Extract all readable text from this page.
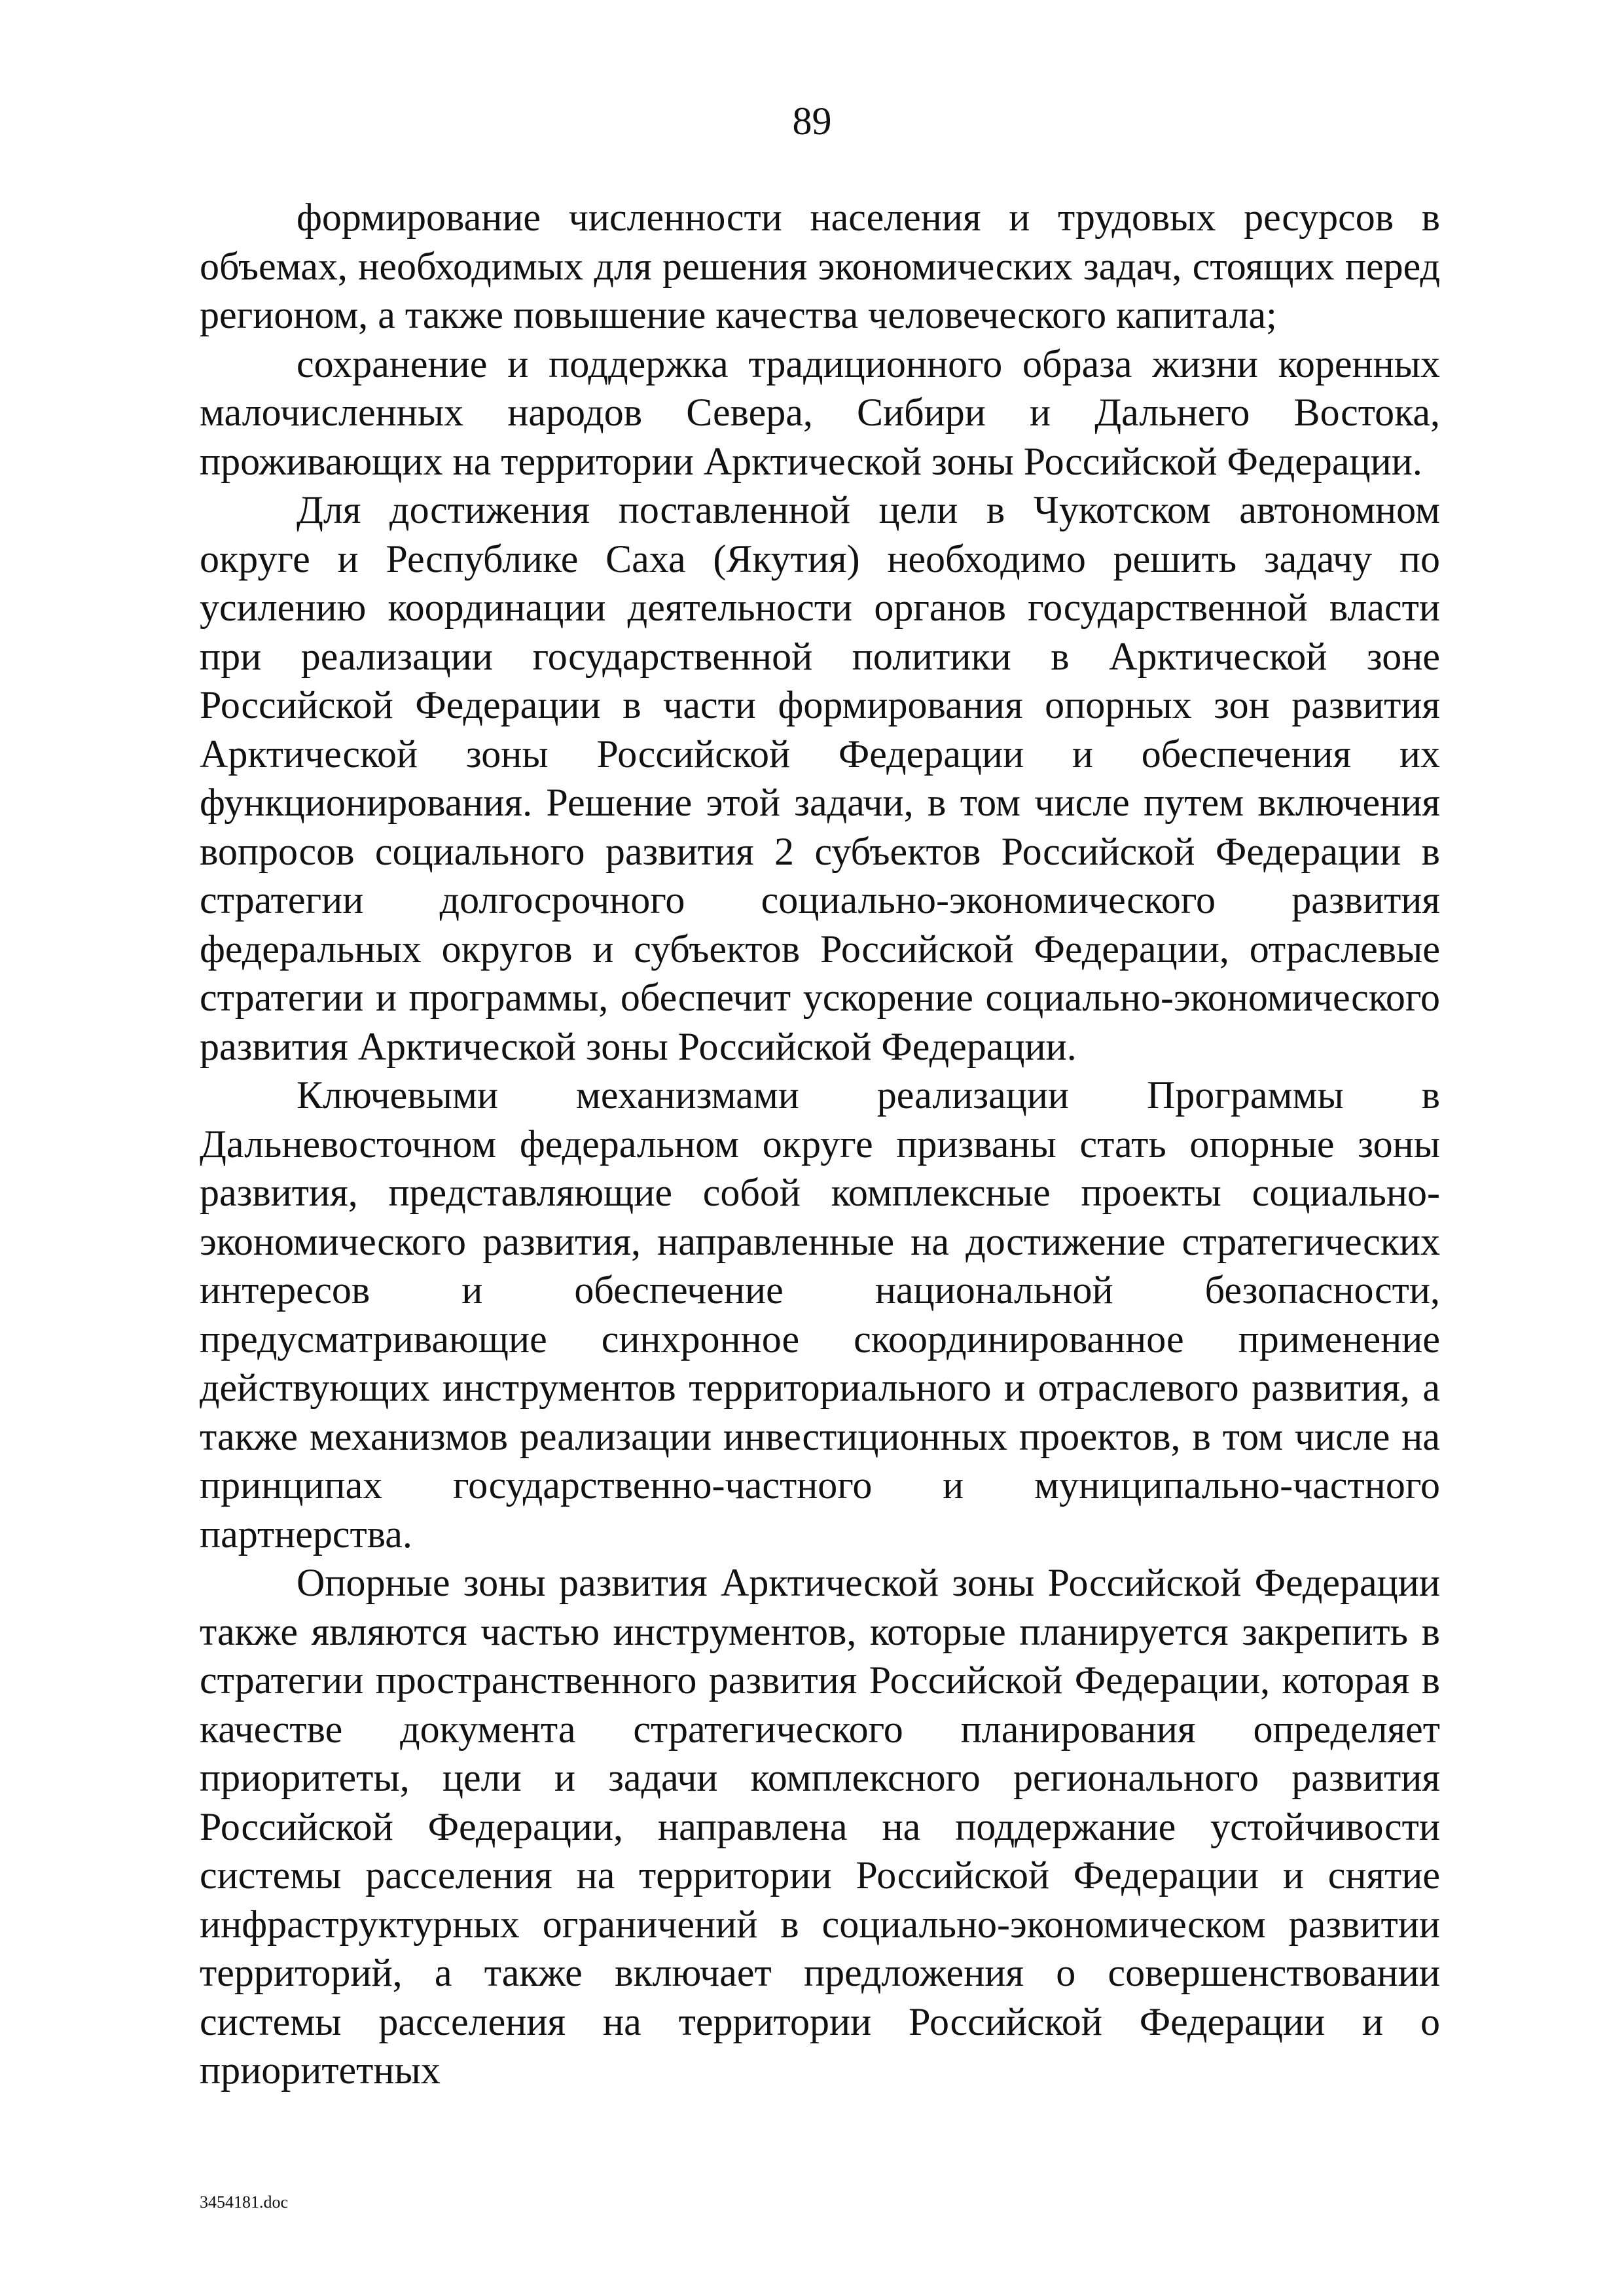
89

формирование численности населения и трудовых ресурсов в объемах, необходимых для решения экономических задач, стоящих перед регионом, а также повышение качества человеческого капитала;

сохранение и поддержка традиционного образа жизни коренных малочисленных народов Севера, Сибири и Дальнего Востока, проживающих на территории Арктической зоны Российской Федерации.

Для достижения поставленной цели в Чукотском автономном округе и Республике Саха (Якутия) необходимо решить задачу по усилению координации деятельности органов государственной власти при реализации государственной политики в Арктической зоне Российской Федерации в части формирования опорных зон развития Арктической зоны Российской Федерации и обеспечения их функционирования. Решение этой задачи, в том числе путем включения вопросов социального развития 2 субъектов Российской Федерации в стратегии долгосрочного социально-экономического развития федеральных округов и субъектов Российской Федерации, отраслевые стратегии и программы, обеспечит ускорение социально-экономического развития Арктической зоны Российской Федерации.

Ключевыми механизмами реализации Программы в Дальневосточном федеральном округе призваны стать опорные зоны развития, представляющие собой комплексные проекты социально-экономического развития, направленные на достижение стратегических интересов и обеспечение национальной безопасности, предусматривающие синхронное скоординированное применение действующих инструментов территориального и отраслевого развития, а также механизмов реализации инвестиционных проектов, в том числе на принципах государственно-частного и муниципально-частного партнерства.

Опорные зоны развития Арктической зоны Российской Федерации также являются частью инструментов, которые планируется закрепить в стратегии пространственного развития Российской Федерации, которая в качестве документа стратегического планирования определяет приоритеты, цели и задачи комплексного регионального развития Российской Федерации, направлена на поддержание устойчивости системы расселения на территории Российской Федерации и снятие инфраструктурных ограничений в социально-экономическом развитии территорий, а также включает предложения о совершенствовании системы расселения на территории Российской Федерации и о приоритетных

3454181.doc
